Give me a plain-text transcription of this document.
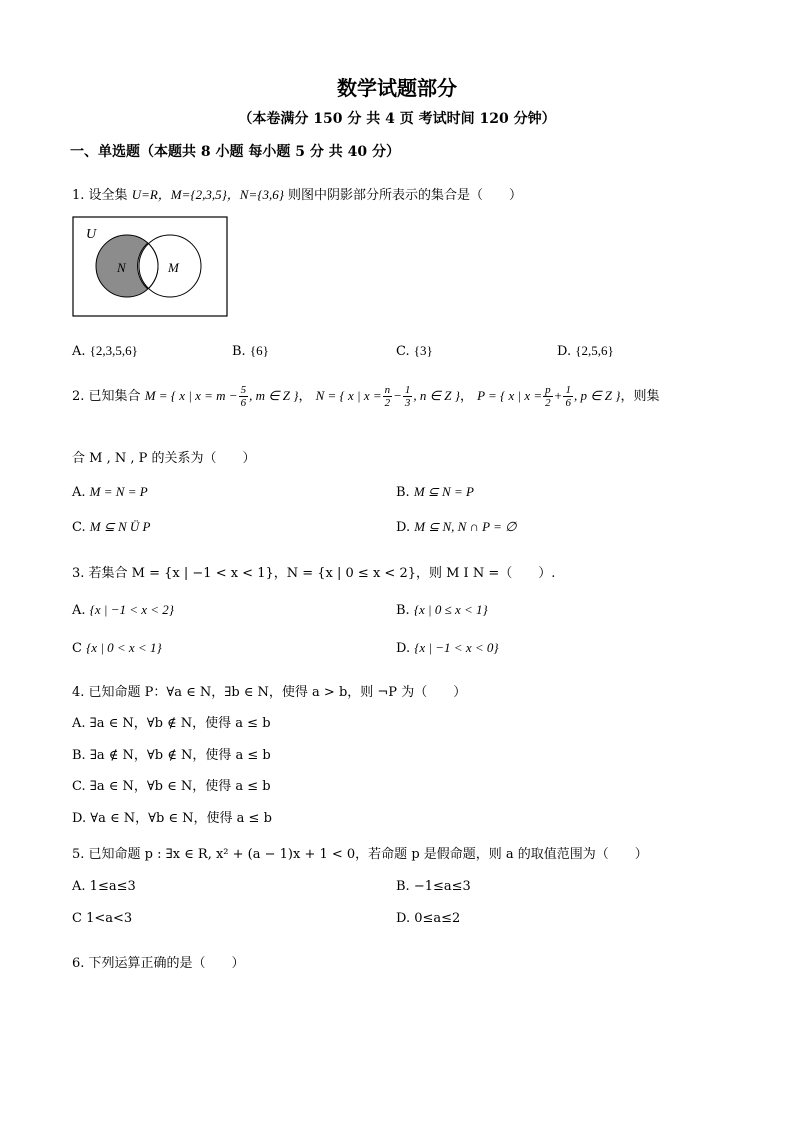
数学试题部分
（本卷满分 150 分 共 4 页 考试时间 120 分钟）
一、单选题（本题共 8 小题 每小题 5 分 共 40 分）
1. 设全集 U=R，M={2,3,5}，N={3,6} 则图中阴影部分所表示的集合是（　　）
U
N	M
A. {2,3,5,6}	B. {6}	C. {3}	D. {2,5,6}
2. 已知集合 M = { x | $x = m - \frac{5}{6}$ , m ∈ Z }， N = { x | $x = \frac{n}{2} - \frac{1}{3}$ , n ∈ Z }， P = { x | $x = \frac{p}{2} + \frac{1}{6}$ , p ∈ Z }，则集
合 M , N , P 的关系为（　　）
A. M = N = P	B. M ⊆ N = P
C. M ⊆ N Ü P	D. M ⊆ N, N ∩ P = ∅
3. 若集合 M = {x | −1 < x < 1}，N = {x | 0 ≤ x < 2}，则 M I N =（　　）.
A. {x | −1 < x < 2}	B. {x | 0 ≤ x < 1}
C {x | 0 < x < 1}	D. {x | −1 < x < 0}
4. 已知命题 P：∀a ∈ N，∃b ∈ N，使得 a > b，则 ¬P 为（　　）
A. ∃a ∈ N，∀b ∉ N，使得 a ≤ b
B. ∃a ∉ N，∀b ∉ N，使得 a ≤ b
C. ∃a ∈ N，∀b ∈ N，使得 a ≤ b
D. ∀a ∈ N，∀b ∈ N，使得 a ≤ b
5. 已知命题 p : ∃x ∈ R, x² + (a − 1)x + 1 < 0，若命题 p 是假命题，则 a 的取值范围为（　　）
A. 1≤a≤3	B. −1≤a≤3
C 1<a<3	D. 0≤a≤2
6. 下列运算正确的是（　　）
